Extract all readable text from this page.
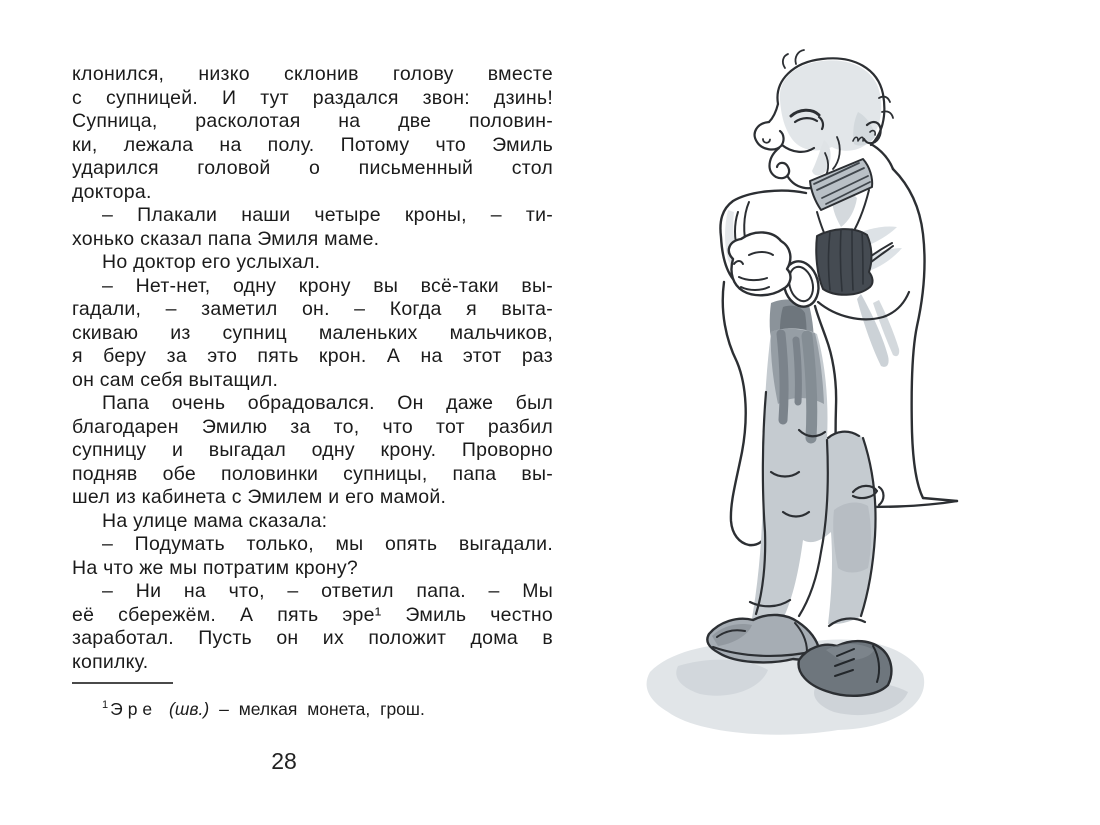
клонился, низко склонив голову вместе
с супницей. И тут раздался звон: дзинь!
Супница, расколотая на две половин-
ки, лежала на полу. Потому что Эмиль
ударился головой о письменный стол
доктора.
– Плакали наши четыре кроны, – ти-
хонько сказал папа Эмиля маме.
Но доктор его услыхал.
– Нет-нет, одну крону вы всё-таки вы-
гадали, – заметил он. – Когда я выта-
скиваю из супниц маленьких мальчиков,
я беру за это пять крон. А на этот раз
он сам себя вытащил.
Папа очень обрадовался. Он даже был
благодарен Эмилю за то, что тот разбил
супницу и выгадал одну крону. Проворно
подняв обе половинки супницы, папа вы-
шел из кабинета с Эмилем и его мамой.
На улице мама сказала:
– Подумать только, мы опять выгадали.
На что же мы потратим крону?
– Ни на что, – ответил папа. – Мы
её сбережём. А пять эре¹ Эмиль честно
заработал. Пусть он их положит дома в
копилку.
$^1$ Эре (шв.) – мелкая монета, грош.
28
